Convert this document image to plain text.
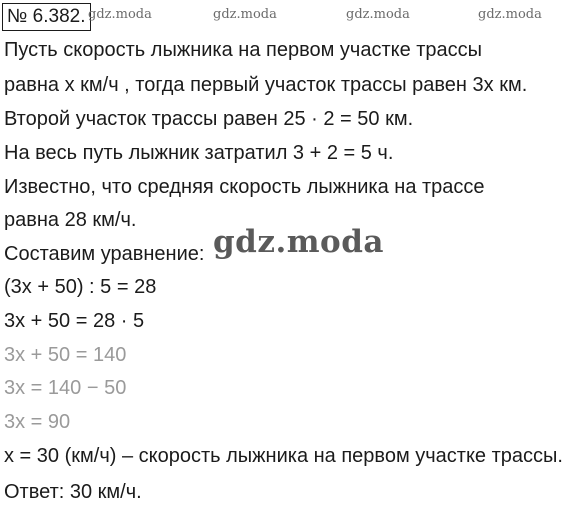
№ 6.382. gdz.moda	gdz.moda	gdz.moda	gdz.moda
Пусть скорость лыжника на первом участке трассы
равна x км/ч , тогда первый участок трассы равен 3x км.
Второй участок трассы равен 25 · 2 = 50 км.
На весь путь лыжник затратил 3 + 2 = 5 ч.
Известно, что средняя скорость лыжника на трассе
равна 28 км/ч.
Составим уравнение:
(3x + 50) : 5 = 28
3x + 50 = 28 · 5
3x + 50 = 140
3x = 140 − 50
3x = 90
x = 30 (км/ч) – скорость лыжника на первом участке трассы.
Ответ: 30 км/ч.
gdz.moda
